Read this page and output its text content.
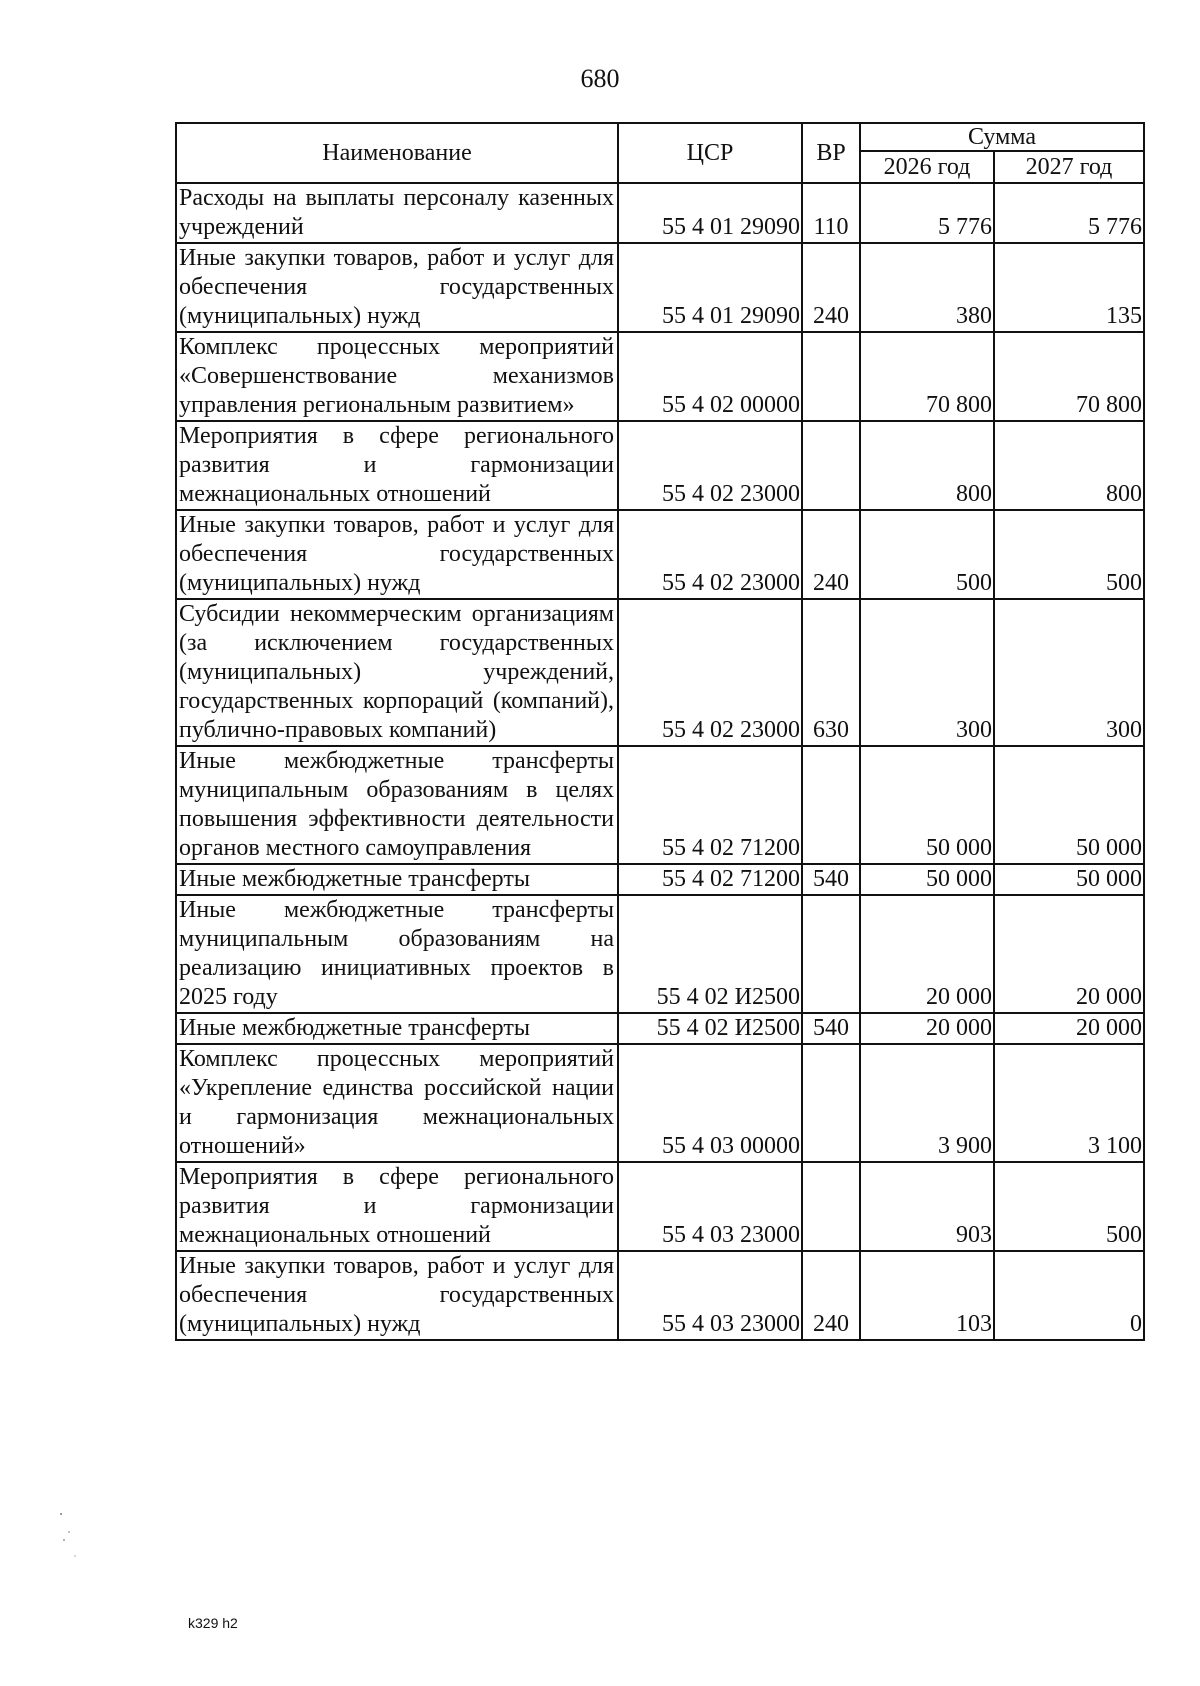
680
Наименование	ЦСР	ВР	Сумма	
			2026 год	2027 год
Расходы на выплаты персоналу казенных учреждений	55 4 01 29090	110	5 776	5 776
Иные закупки товаров, работ и услуг для обеспечения государственных (муниципальных) нужд	55 4 01 29090	240	380	135
Комплекс процессных мероприятий «Совершенствование механизмов управления региональным развитием»	55 4 02 00000		70 800	70 800
Мероприятия в сфере регионального развития и гармонизации межнациональных отношений	55 4 02 23000		800	800
Иные закупки товаров, работ и услуг для обеспечения государственных (муниципальных) нужд	55 4 02 23000	240	500	500
Субсидии некоммерческим организациям (за исключением государственных (муниципальных) учреждений, государственных корпораций (компаний), публично-правовых компаний)	55 4 02 23000	630	300	300
Иные межбюджетные трансферты муниципальным образованиям в целях повышения эффективности деятельности органов местного самоуправления	55 4 02 71200		50 000	50 000
Иные межбюджетные трансферты	55 4 02 71200	540	50 000	50 000
Иные межбюджетные трансферты муниципальным образованиям на реализацию инициативных проектов в 2025 году	55 4 02 И2500		20 000	20 000
Иные межбюджетные трансферты	55 4 02 И2500	540	20 000	20 000
Комплекс процессных мероприятий «Укрепление единства российской нации и гармонизация межнациональных отношений»	55 4 03 00000		3 900	3 100
Мероприятия в сфере регионального развития и гармонизации межнациональных отношений	55 4 03 23000		903	500
Иные закупки товаров, работ и услуг для обеспечения государственных (муниципальных) нужд	55 4 03 23000	240	103	0
k329 h2
